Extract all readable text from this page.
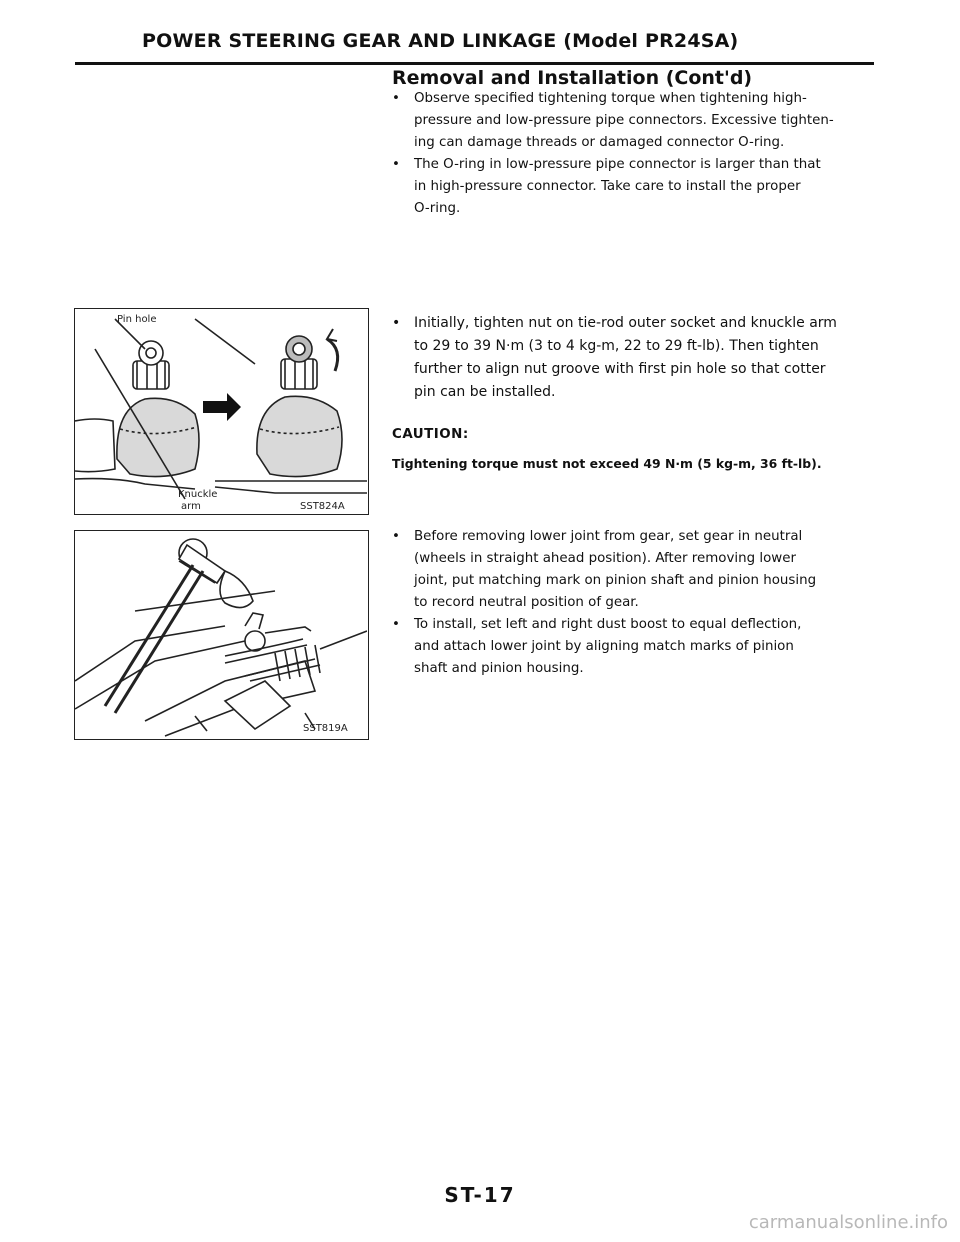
POWER STEERING GEAR AND LINKAGE (Model PR24SA)
Removal and Installation (Cont'd)
• Observe specified tightening torque when tightening high-
pressure and low-pressure pipe connectors. Excessive tighten-
ing can damage threads or damaged connector O-ring.
• The O-ring in low-pressure pipe connector is larger than that
in high-pressure connector. Take care to install the proper
O-ring.
• Initially, tighten nut on tie-rod outer socket and knuckle arm
to 29 to 39 N·m (3 to 4 kg-m, 22 to 29 ft-lb). Then tighten
further to align nut groove with first pin hole so that cotter
pin can be installed.
CAUTION:
Tightening torque must not exceed 49 N·m (5 kg-m, 36 ft-lb).
• Before removing lower joint from gear, set gear in neutral
(wheels in straight ahead position). After removing lower
joint, put matching mark on pinion shaft and pinion housing
to record neutral position of gear.
• To install, set left and right dust boost to equal deflection,
and attach lower joint by aligning match marks of pinion
shaft and pinion housing.
Pin hole
Knuckle
arm	SST824A
SST819A
ST-17
carmanualsonline.info
